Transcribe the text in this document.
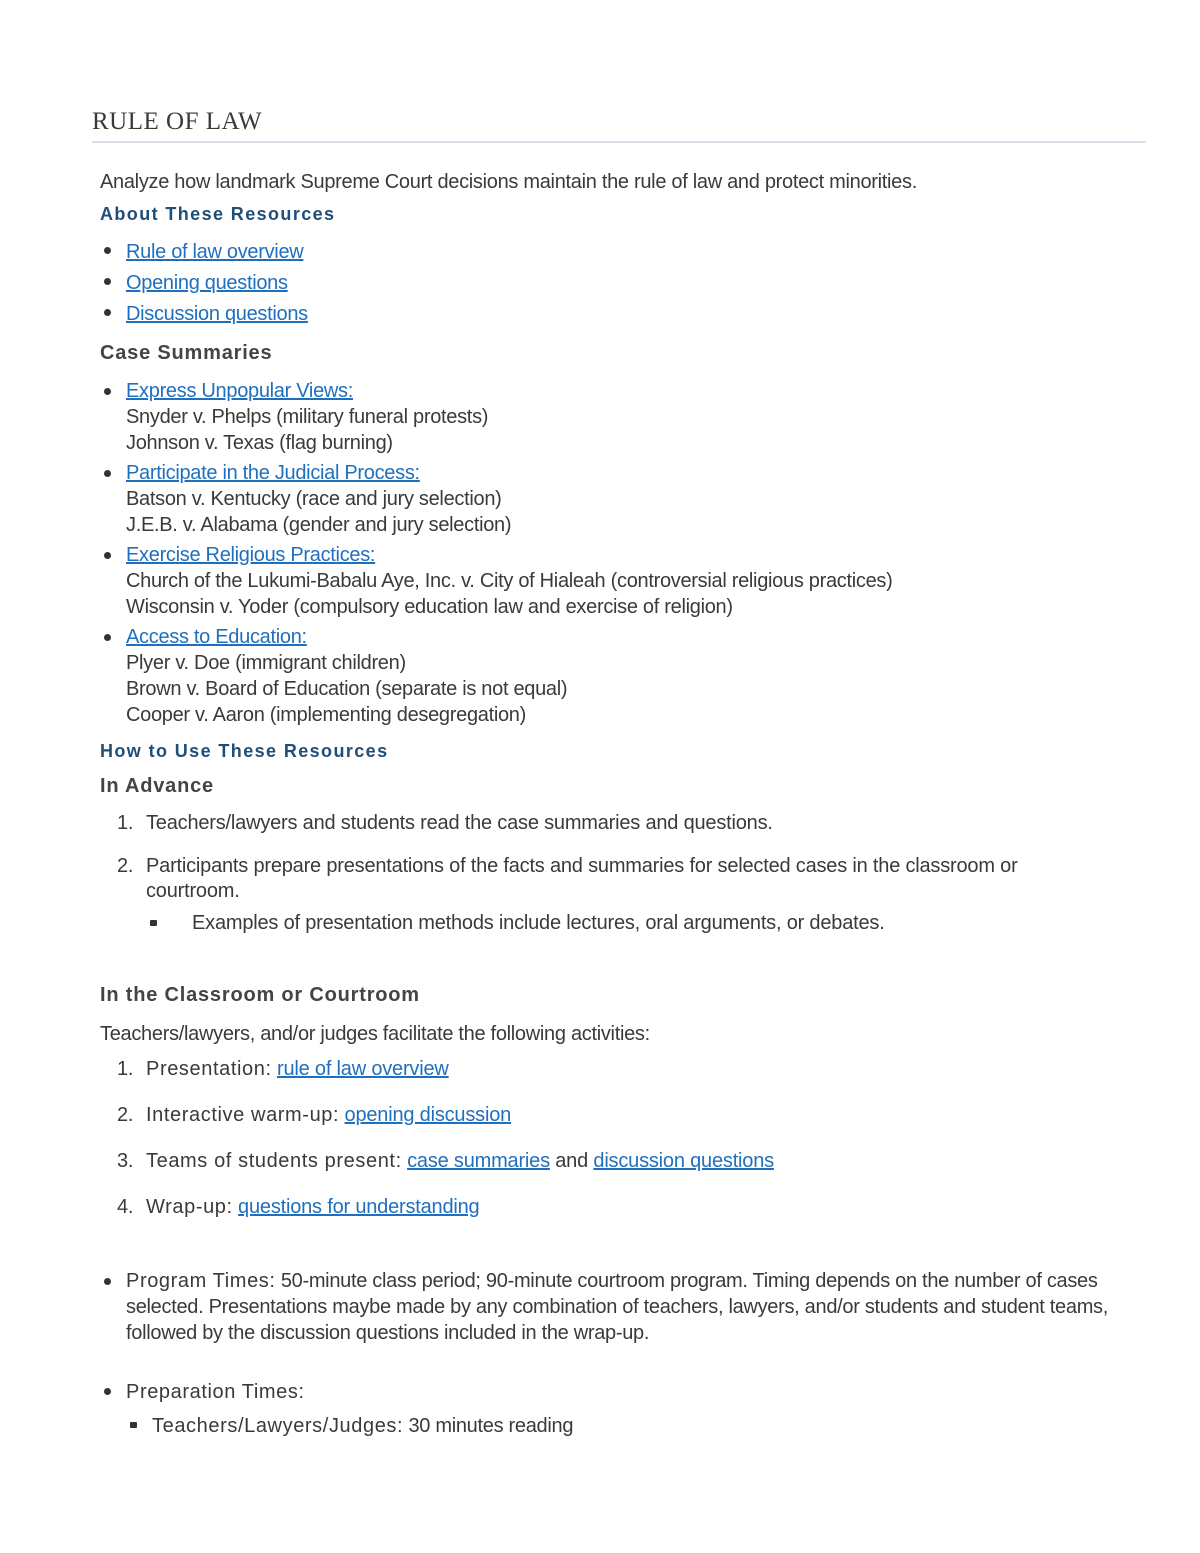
RULE OF LAW

Analyze how landmark Supreme Court decisions maintain the rule of law and protect minorities.

About These Resources
Rule of law overview
Opening questions
Discussion questions
Case Summaries
Express Unpopular Views:
Snyder v. Phelps (military funeral protests)
Johnson v. Texas (flag burning)
Participate in the Judicial Process:
Batson v. Kentucky (race and jury selection)
J.E.B. v. Alabama (gender and jury selection)
Exercise Religious Practices:
Church of the Lukumi-Babalu Aye, Inc. v. City of Hialeah (controversial religious practices)
Wisconsin v. Yoder (compulsory education law and exercise of religion)
Access to Education:
Plyer v. Doe (immigrant children)
Brown v. Board of Education (separate is not equal)
Cooper v. Aaron (implementing desegregation)
How to Use These Resources
In Advance
1. Teachers/lawyers and students read the case summaries and questions.
2. Participants prepare presentations of the facts and summaries for selected cases in the classroom or courtroom.
Examples of presentation methods include lectures, oral arguments, or debates.
In the Classroom or Courtroom

Teachers/lawyers, and/or judges facilitate the following activities:

1. Presentation: rule of law overview
2. Interactive warm-up: opening discussion
3. Teams of students present: case summaries and discussion questions
4. Wrap-up: questions for understanding
Program Times: 50-minute class period; 90-minute courtroom program. Timing depends on the number of cases selected. Presentations maybe made by any combination of teachers, lawyers, and/or students and student teams, followed by the discussion questions included in the wrap-up.
Preparation Times:
Teachers/Lawyers/Judges: 30 minutes reading
